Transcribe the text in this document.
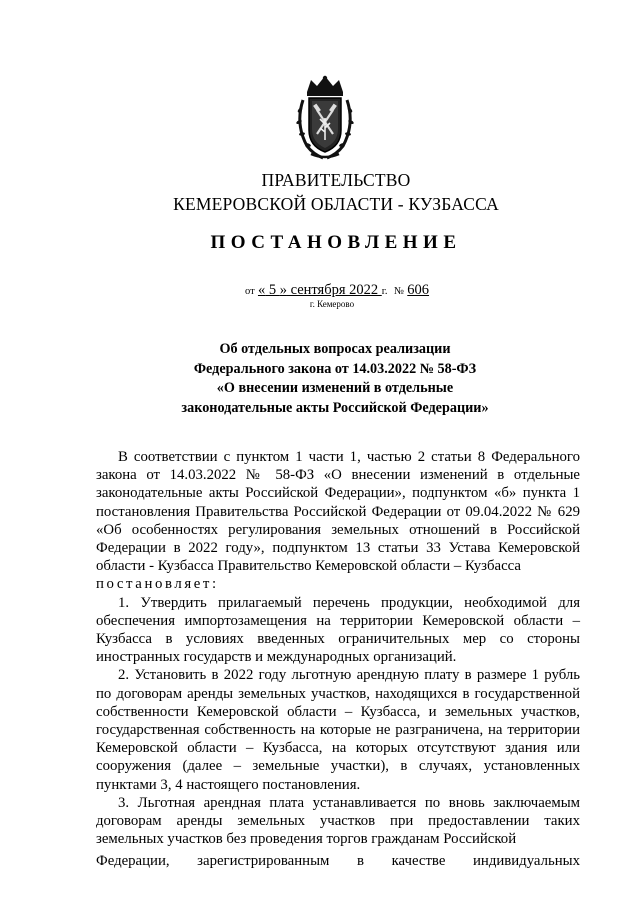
ПРАВИТЕЛЬСТВО
КЕМЕРОВСКОЙ ОБЛАСТИ - КУЗБАССА
ПОСТАНОВЛЕНИЕ
от « 5 » сентября 2022 г. № 606
г. Кемерово
Об отдельных вопросах реализации
Федерального закона от 14.03.2022 № 58-ФЗ
«О внесении изменений в отдельные
законодательные акты Российской Федерации»

В соответствии с пунктом 1 части 1, частью 2 статьи 8 Федерального закона от 14.03.2022 № 58-ФЗ «О внесении изменений в отдельные законодательные акты Российской Федерации», подпунктом «б» пункта 1 постановления Правительства Российской Федерации от 09.04.2022 № 629 «Об особенностях регулирования земельных отношений в Российской Федерации в 2022 году», подпунктом 13 статьи 33 Устава Кемеровской области - Кузбасса Правительство Кемеровской области – Кузбасса

постановляет:

1. Утвердить прилагаемый перечень продукции, необходимой для обеспечения импортозамещения на территории Кемеровской области – Кузбасса в условиях введенных ограничительных мер со стороны иностранных государств и международных организаций.

2. Установить в 2022 году льготную арендную плату в размере 1 рубль по договорам аренды земельных участков, находящихся в государственной собственности Кемеровской области – Кузбасса, и земельных участков, государственная собственность на которые не разграничена, на территории Кемеровской области – Кузбасса, на которых отсутствуют здания или сооружения (далее – земельные участки), в случаях, установленных пунктами 3, 4 настоящего постановления.

3. Льготная арендная плата устанавливается по вновь заключаемым договорам аренды земельных участков при предоставлении таких земельных участков без проведения торгов гражданам Российской

Федерации, зарегистрированным в качестве индивидуальных
